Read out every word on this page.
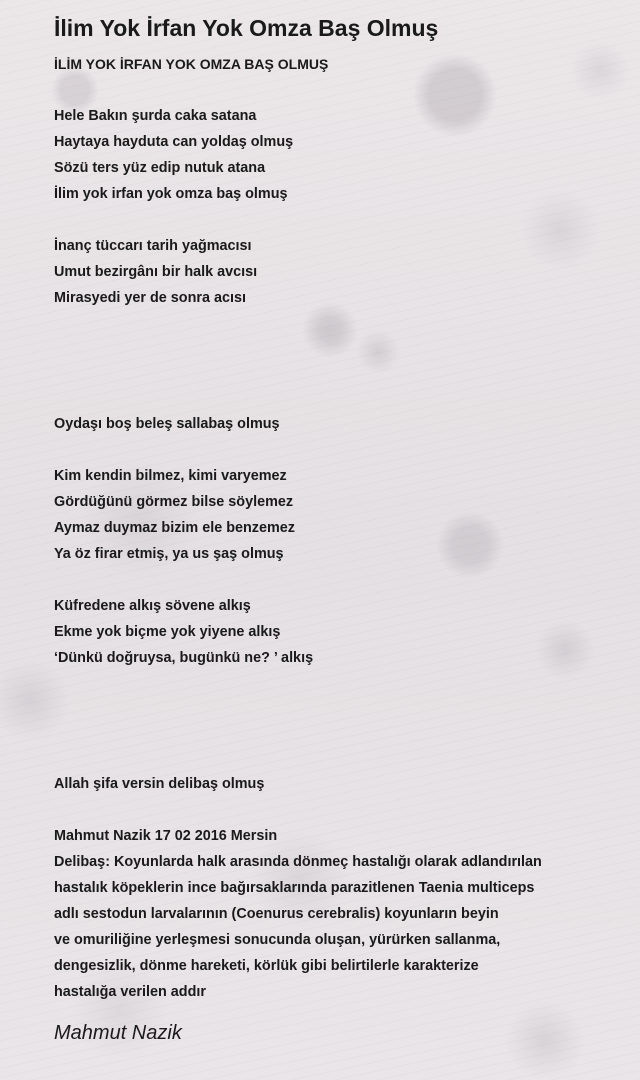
İlim Yok İrfan Yok Omza Baş Olmuş
İLİM YOK İRFAN YOK OMZA BAŞ OLMUŞ
Hele Bakın şurda caka satana
Haytaya hayduta can yoldaş olmuş
Sözü ters yüz edip nutuk atana
İlim yok irfan yok omza baş olmuş
İnanç tüccarı tarih yağmacısı
Umut bezirgânı bir halk avcısı
Mirasyedi yer de sonra acısı
Oydaşı boş beleş sallabaş olmuş
Kim kendin bilmez, kimi varyemez
Gördüğünü görmez bilse söylemez
Aymaz duymaz bizim ele benzemez
Ya öz firar etmiş, ya us şaş olmuş
Küfredene alkış sövene alkış
Ekme yok biçme yok yiyene alkış
‘Dünkü doğruysa, bugünkü ne? ’ alkış
Allah şifa versin delibaş olmuş
Mahmut Nazik 17 02 2016 Mersin
Delibaş: Koyunlarda halk arasında dönmeç hastalığı olarak adlandırılan
hastalık köpeklerin ince bağırsaklarında parazitlenen Taenia multiceps
adlı sestodun larvalarının (Coenurus cerebralis) koyunların beyin
ve omuriliğine yerleşmesi sonucunda oluşan, yürürken sallanma,
dengesizlik, dönme hareketi, körlük gibi belirtilerle karakterize
hastalığa verilen addır
Mahmut Nazik
